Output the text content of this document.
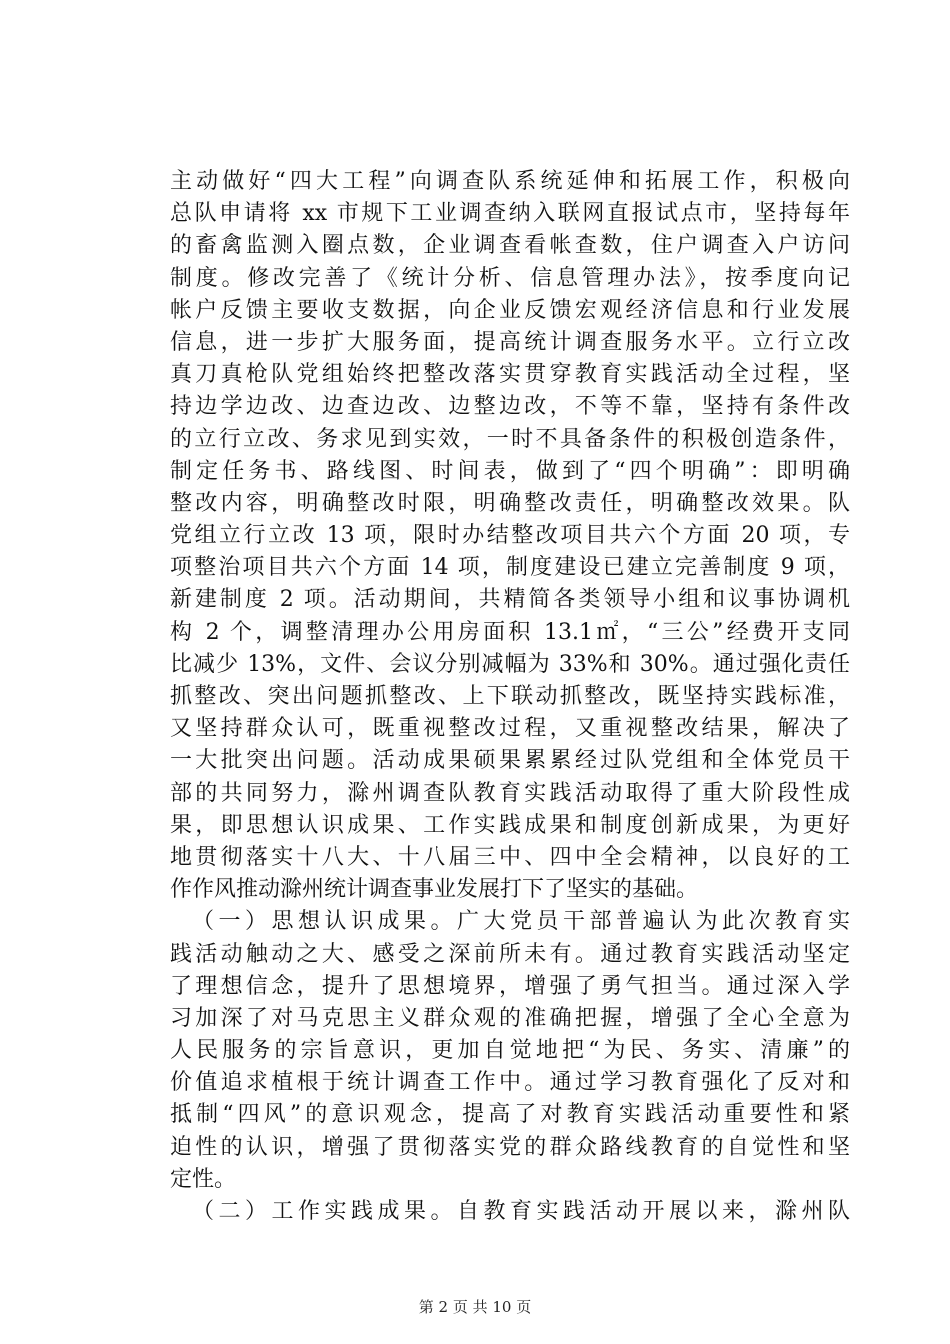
主动做好“四大工程”向调查队系统延伸和拓展工作，积极向
总队申请将 xx 市规下工业调查纳入联网直报试点市，坚持每年
的畜禽监测入圈点数，企业调查看帐查数，住户调查入户访问
制度。修改完善了《统计分析、信息管理办法》，按季度向记
帐户反馈主要收支数据，向企业反馈宏观经济信息和行业发展
信息，进一步扩大服务面，提高统计调查服务水平。立行立改
真刀真枪队党组始终把整改落实贯穿教育实践活动全过程，坚
持边学边改、边查边改、边整边改，不等不靠，坚持有条件改
的立行立改、务求见到实效，一时不具备条件的积极创造条件，
制定任务书、路线图、时间表，做到了“四个明确”：即明确
整改内容，明确整改时限，明确整改责任，明确整改效果。队
党组立行立改 13 项，限时办结整改项目共六个方面 20 项，专
项整治项目共六个方面 14 项，制度建设已建立完善制度 9 项，
新建制度 2 项。活动期间，共精简各类领导小组和议事协调机
构 2 个，调整清理办公用房面积 13.1㎡，“三公”经费开支同
比减少 13%，文件、会议分别减幅为 33%和 30%。通过强化责任
抓整改、突出问题抓整改、上下联动抓整改，既坚持实践标准，
又坚持群众认可，既重视整改过程，又重视整改结果，解决了
一大批突出问题。活动成果硕果累累经过队党组和全体党员干
部的共同努力，滁州调查队教育实践活动取得了重大阶段性成
果，即思想认识成果、工作实践成果和制度创新成果，为更好
地贯彻落实十八大、十八届三中、四中全会精神，以良好的工
作作风推动滁州统计调查事业发展打下了坚实的基础。
（一）思想认识成果。广大党员干部普遍认为此次教育实
践活动触动之大、感受之深前所未有。通过教育实践活动坚定
了理想信念，提升了思想境界，增强了勇气担当。通过深入学
习加深了对马克思主义群众观的准确把握，增强了全心全意为
人民服务的宗旨意识，更加自觉地把“为民、务实、清廉”的
价值追求植根于统计调查工作中。通过学习教育强化了反对和
抵制“四风”的意识观念，提高了对教育实践活动重要性和紧
迫性的认识，增强了贯彻落实党的群众路线教育的自觉性和坚
定性。
（二）工作实践成果。自教育实践活动开展以来，滁州队
第 2 页 共 10 页
